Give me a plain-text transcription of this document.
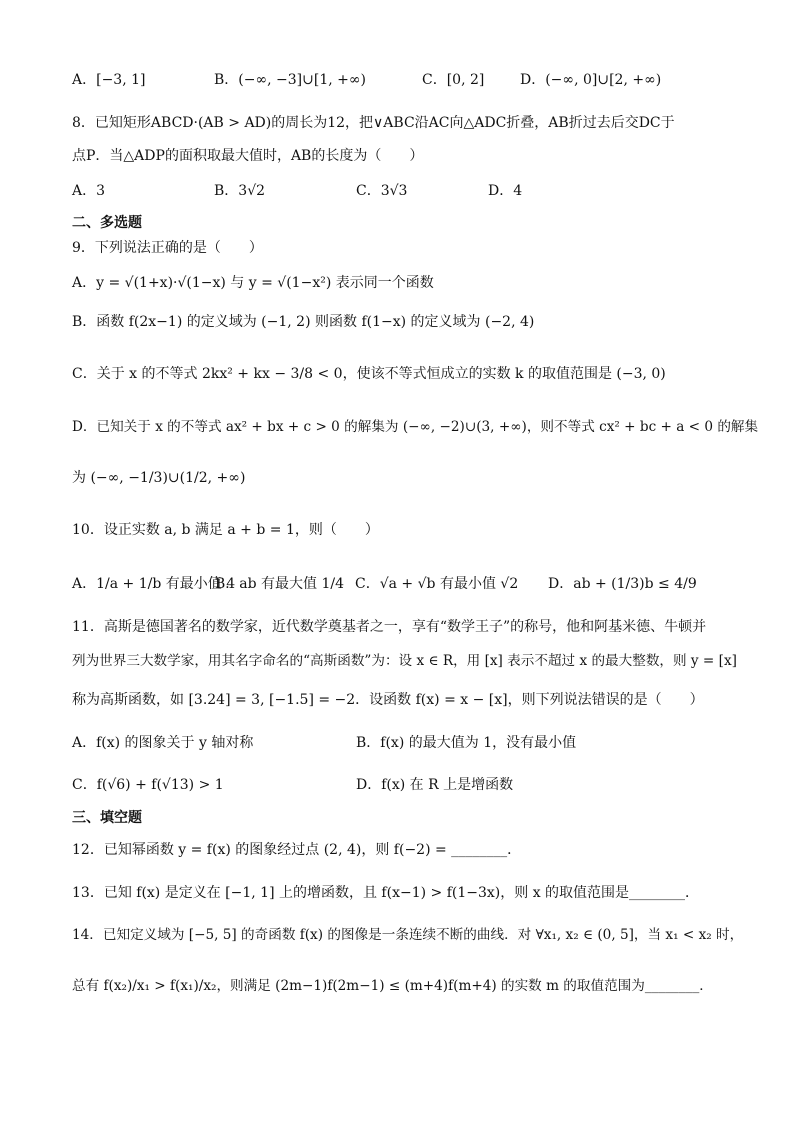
A．[−3, 1]	B．(−∞, −3]∪[1, +∞)	C．[0, 2]	D．(−∞, 0]∪[2, +∞)
8．已知矩形ABCD·(AB > AD)的周长为12，把∨ABC沿AC向△ADC折叠，AB折过去后交DC于
点P．当△ADP的面积取最大值时，AB的长度为（　　）
A．3	B．3√2	C．3√3	D．4
二、多选题
9．下列说法正确的是（　　）
A．y = √(1+x)·√(1−x) 与 y = √(1−x²) 表示同一个函数
B．函数 f(2x−1) 的定义域为 (−1, 2) 则函数 f(1−x) 的定义域为 (−2, 4)
C．关于 x 的不等式 2kx² + kx − 3/8 < 0，使该不等式恒成立的实数 k 的取值范围是 (−3, 0)
D．已知关于 x 的不等式 ax² + bx + c > 0 的解集为 (−∞, −2)∪(3, +∞)，则不等式 cx² + bc + a < 0 的解集
为 (−∞, −1/3)∪(1/2, +∞)
10．设正实数 a, b 满足 a + b = 1，则（　　）
A．1/a + 1/b 有最小值 4
B．ab 有最大值 1/4 C．√a + √b 有最小值 √2 D．ab + (1/3)b ≤ 4/9
11．高斯是德国著名的数学家，近代数学奠基者之一，享有“数学王子”的称号，他和阿基米德、牛顿并
列为世界三大数学家，用其名字命名的“高斯函数”为：设 x ∈ R，用 [x] 表示不超过 x 的最大整数，则 y = [x]
称为高斯函数，如 [3.24] = 3, [−1.5] = −2．设函数 f(x) = x − [x]，则下列说法错误的是（　　）
A．f(x) 的图象关于 y 轴对称	B．f(x) 的最大值为 1，没有最小值
C．f(√6) + f(√13) > 1	D．f(x) 在 R 上是增函数
三、填空题
12．已知幂函数 y = f(x) 的图象经过点 (2, 4)，则 f(−2) = ________．
13．已知 f(x) 是定义在 [−1, 1] 上的增函数，且 f(x−1) > f(1−3x)，则 x 的取值范围是________．
14．已知定义域为 [−5, 5] 的奇函数 f(x) 的图像是一条连续不断的曲线．对 ∀x₁, x₂ ∈ (0, 5]，当 x₁ < x₂ 时，
总有 f(x₂)/x₁ > f(x₁)/x₂，则满足 (2m−1)f(2m−1) ≤ (m+4)f(m+4) 的实数 m 的取值范围为________．
